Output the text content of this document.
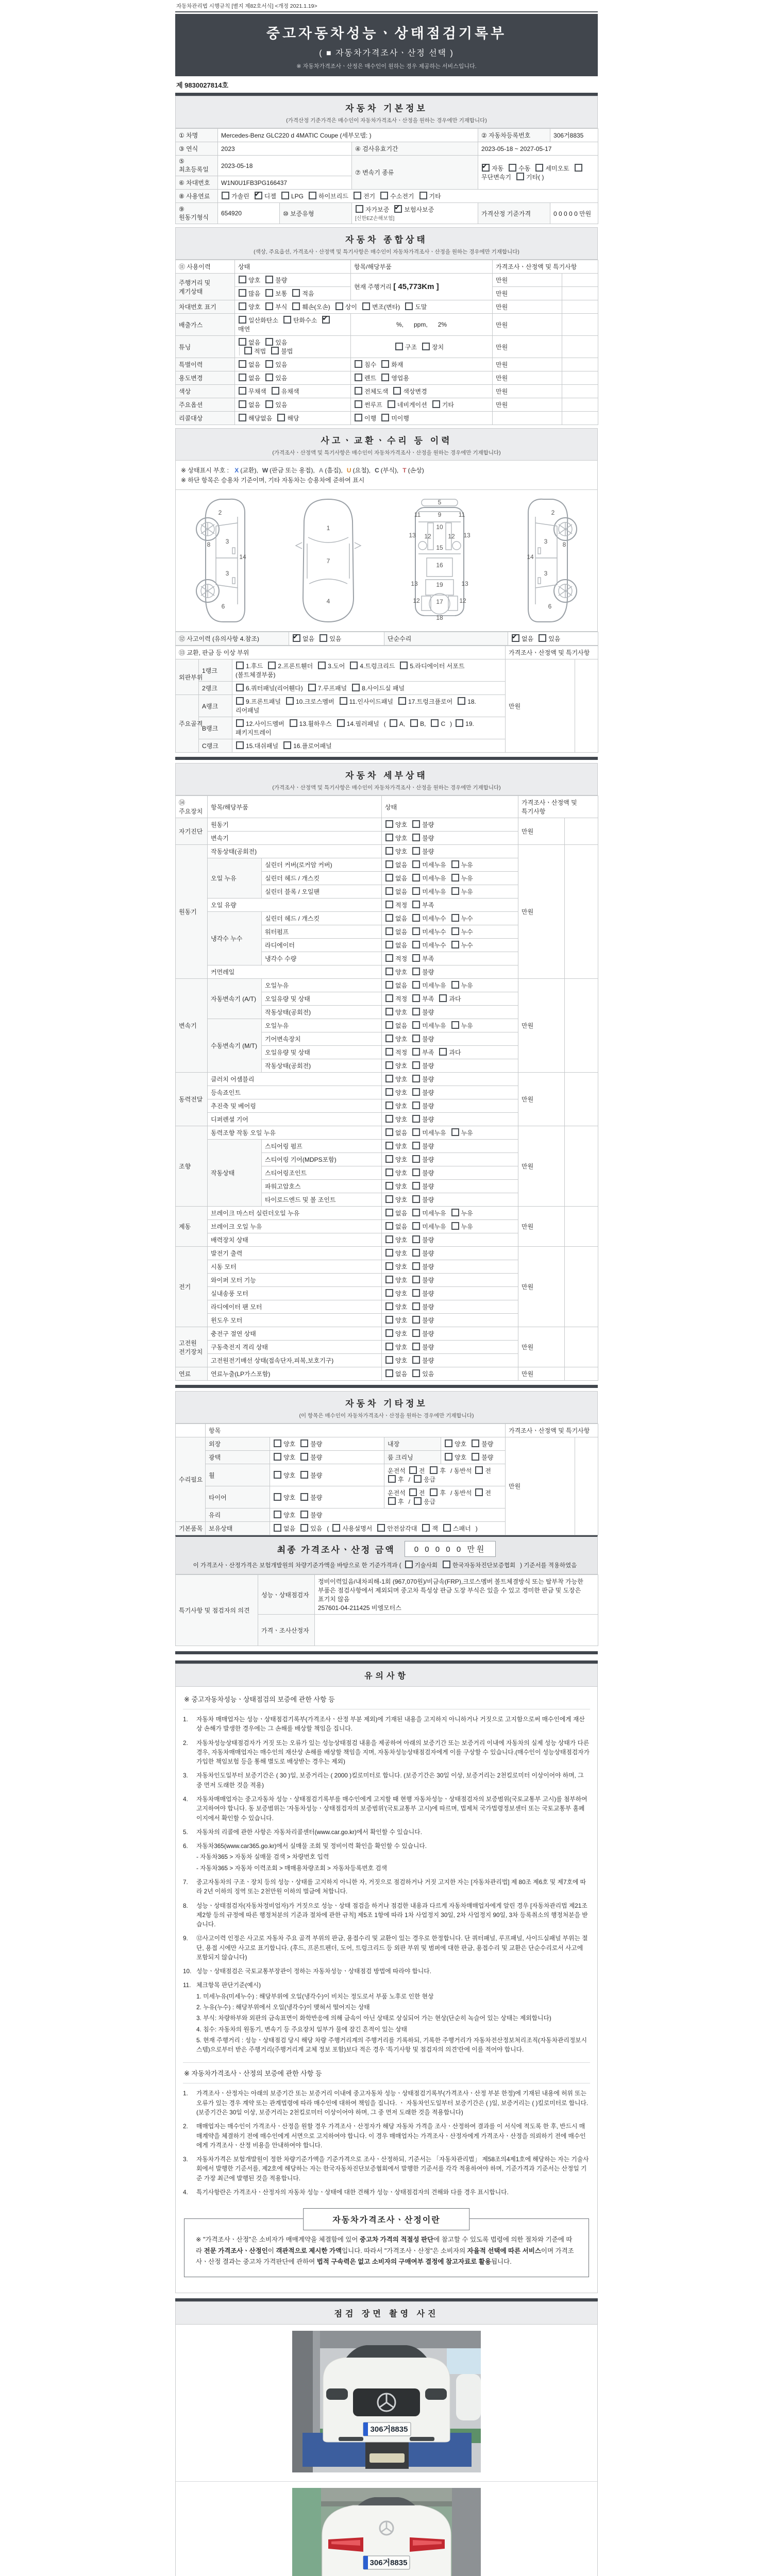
자동차관리법 시행규칙 [별지 제82호서식] <개정 2021.1.19>
중고자동차성능ㆍ상태점검기록부
( ■ 자동차가격조사ㆍ산정 선택 )
※ 자동차가격조사ㆍ산정은 매수인이 원하는 경우 제공하는 서비스입니다.
제 9830027814호
자동차 기본정보
(가격산정 기준가격은 매수인이 자동차가격조사ㆍ산정을 원하는 경우에만 기재합니다)
① 차명	Mercedes-Benz GLC220 d 4MATIC Coupe (세부모델: )			② 자동차등록번호	306거8835
③ 연식	2023		④ 검사유효기간	2023-05-18 ~ 2027-05-17	
⑤ 최초등록일	2023-05-18		⑦ 변속기 종류	✔자동 수동 세미오토무단변속기 기타( )
⑥ 차대번호	W1N0U1FB3PG166437				
⑧ 사용연료	가솔린 ✔ 디젤 LPG 하이브리드 전기 수소전기 기타
⑨ 원동기형식	654920	⑩ 보증유형	자가보증 ✔ 보험사보증 [신한EZ손해보험]	가격산정 기준가격	0 0 0 0 0 만원
자동차 종합상태
(색상, 주요옵션, 가격조사ㆍ산정액 및 특기사항은 매수인이 자동차가격조사ㆍ산정을 원하는 경우에만 기재합니다)
⑪ 사용이력	상태	항목/해당부품	가격조사ㆍ산정액 및 특기사항	
주행거리 및 계기상태	양호 불량	현재 주행거리 [ 45,773Km ]	만원	
	많음 보통 적음		만원	
차대번호 표기	양호 부식 훼손(오손) 상이 변조(변타) 도말		만원	
배출가스	일산화탄소 탄화수소✔매연	%, ppm, 2%	만원	
튜닝	없음 있음 적법 불법	구조 장치	만원	
특별이력	없음 있음	침수 화재	만원	
용도변경	없음 있음	렌트 영업용	만원	
색상	무채색 유채색	전체도색 색상변경	만원	
주요옵션	없음 있음	썬루프 네비게이션 기타	만원	
리콜대상	해당없음 해당	이행 미이행		
사고ㆍ교환ㆍ수리 등 이력
(가격조사ㆍ산정액 및 특기사항은 매수인이 자동차가격조사ㆍ산정을 원하는 경우에만 기재합니다)
※ 상태표시 부호 : X (교환), W (판금 또는 용접), A (흠집), U (요철), C (부식), T (손상)
※ 하단 항목은 승용차 기준이며, 기타 자동차는 승용차에 준하여 표시
2
8 3
14
3
6
1
7
4
11
5
11
9
13 12	12 13
10
15
16
19
13	13
12	12
17
18
2
8
3
14
3
6
⑫ 사고이력 (유의사항 4.참조)	✔없음 있음	단순수리	✔없음 있음
⑬ 교환, 판금 등 이상 부위			가격조사ㆍ산정액 및 특기사항	
외판부위	1랭크	1.후드 2.프론트휀더 3.도어 4.트렁크리드 5.라디에이터 서포트(볼트체결부품)	만원	
	2랭크	6.쿼터패널(리어휀다) 7.루프패널 8.사이드실 패널		
주요골격	A랭크	9.프론트패널 10.크로스멤버 11.인사이드패널 17.트렁크플로어 18.리어패널		
	B랭크	12.사이드멤버 13.휠하우스 14.필러패널 ( A, B, C ) 19.패키지트레이		
	C랭크	15.대쉬패널 16.플로어패널		
자동차 세부상태
(가격조사ㆍ산정액 및 특기사항은 매수인이 자동차가격조사ㆍ산정을 원하는 경우에만 기재합니다)
⑭ 주요장치	항목/해당부품		상태	가격조사ㆍ산정액 및 특기사항	
자기진단	원동기		양호 불량	만원	
	변속기		양호 불량		
원동기	작동상태(공회전)		양호 불량	만원	
	오일 누유	실린더 커버(로커암 커버)	없음 미세누유 누유		
		실린더 헤드 / 개스킷	없음 미세누유 누유		
		실린더 블록 / 오일팬	없음 미세누유 누유		
	오일 유량		적정 부족		
	냉각수 누수	실린더 헤드 / 개스킷	없음 미세누수 누수		
		워터펌프	없음 미세누수 누수		
		라디에이터	없음 미세누수 누수		
		냉각수 수량	적정 부족		
	커먼레일		양호 불량		
변속기	자동변속기 (A/T)	오일누유	없음 미세누유 누유	만원	
		오일유량 및 상태	적정 부족 과다		
		작동상태(공회전)	양호 불량		
	수동변속기 (M/T)	오일누유	없음 미세누유 누유		
		기어변속장치	양호 불량		
		오일유량 및 상태	적정 부족 과다		
		작동상태(공회전)	양호 불량		
동력전달	클러치 어셈블리		양호 불량	만원	
	등속죠인트		양호 불량		
	추진축 및 베어링		양호 불량		
	디퍼렌셜 기어		양호 불량		
조향	동력조향 작동 오일 누유		없음 미세누유 누유	만원	
	작동상태	스티어링 펌프	양호 불량		
		스티어링 기어(MDPS포함)	양호 불량		
		스티어링조인트	양호 불량		
		파워고압호스	양호 불량		
		타이로드엔드 및 볼 조인트	양호 불량		
제동	브레이크 마스터 실린더오일 누유		없음 미세누유 누유	만원	
	브레이크 오일 누유		없음 미세누유 누유		
	배력장치 상태		양호 불량		
전기	발전기 출력		양호 불량	만원	
	시동 모터		양호 불량		
	와이퍼 모터 기능		양호 불량		
	실내송풍 모터		양호 불량		
	라디에이터 팬 모터		양호 불량		
	윈도우 모터		양호 불량		
고전원 전기장치	충전구 절연 상태		양호 불량	만원	
	구동축전지 격리 상태		양호 불량		
	고전원전기배선 상태(접속단자,피복,보호기구)		양호 불량		
연료	연료누출(LP가스포함)		없음 있음	만원	
자동차 기타정보
(이 항목은 매수인이 자동차가격조사ㆍ산정을 원하는 경우에만 기재합니다)
	항목				가격조사ㆍ산정액 및 특기사항	
수리필요	외장	양호 불량	내장	양호 불량	만원	
	광택	양호 불량	룸 크리닝	양호 불량		
	휠	양호 불량	운전석 전 후 / 동반석 전후 / 응급			
	타이어	양호 불량	운전석 전 후 / 동반석 전후 / 응급			
	유리	양호 불량				
기본품목	보유상태	없음 있음 ( 사용설명서 안전삼각대 잭 스패너 )				
최종 가격조사ㆍ산정 금액	0 0 0 0 0 만원
이 가격조사ㆍ산정가격은 보험개발원의 차량기준가액을 바탕으로 한 기준가격과 ( 기술사회	한국자동차진단보증협회 ) 기준서를 적용하였음
특기사항 및 점검자의 의견	성능ㆍ상태점검자	정비이력있음/내차피해-1회 (967,070원)/비금속(FRP),크로스멤버 볼트체결방식 또는 탈부착 가능한 부품은 점검사항에서 제외되며 중고차 특성상 판금 도장 부식은 있을 수 있고 경미한 판금 및 도장은 표기치 않음
257601-04-211425 비엠모터스

	가격ㆍ조사산정자	
유의사항
※ 중고자동차성능ㆍ상태점검의 보증에 관한 사항 등
1.	자동차 매매업자는 성능ㆍ상태점검기록부(가격조사ㆍ산정 부분 제외)에 기재된 내용을 고지하지 아니하거나 거짓으로 고지함으로써 매수인에게 재산상 손해가 발생한 경우에는 그 손해를 배상할 책임을 집니다.
2.	자동차성능상태점검자가 거짓 또는 오류가 있는 성능상태점검 내용을 제공하여 아래의 보증기간 또는 보증거리 이내에 자동차의 실제 성능 상태가 다른 경우, 자동차매매업자는 매수인의 재산상 손해를 배상할 책임을 지며, 자동차성능상태점검자에게 이를 구상할 수 있습니다.(매수인이 성능상태점검자가 가입한 책임보험 등을 통해 별도로 배상받는 경우는 제외)
3.	자동차인도일부터 보증기간은 ( 30 )일, 보증거리는 ( 2000 )킬로미터로 합니다. (보증기간은 30일 이상, 보증거리는 2천킬로미터 이상이어야 하며, 그 중 먼저 도래한 것을 적용)
4.	자동차매매업자는 중고자동차 성능ㆍ상태점검기록부를 매수인에게 고지할 때 현행 자동차성능ㆍ상태점검자의 보증범위(국토교통부 고시)를 첨부하여 고지하여야 합니다. 동 보증범위는 '자동차성능ㆍ상태점검자의 보증범위'(국토교통부 고시)에 따르며, 법제처 국가법령정보센터 또는 국토교통부 홈페이지에서 확인할 수 있습니다.
5.	자동차의 리콜에 관한 사항은 자동차리콜센터(www.car.go.kr)에서 확인할 수 있습니다.
6.	자동차365(www.car365.go.kr)에서 실매물 조회 및 정비이력 확인을 확인할 수 있습니다.
- 자동차365 > 자동차 실매물 검색 > 차량번호 입력
- 자동차365 > 자동차 이력조회 > 매매용차량조회 > 자동차등록번호 검색
7.	중고자동차의 구조ㆍ장치 등의 성능ㆍ상태를 고지하지 아니한 자, 거짓으로 점검하거나 거짓 고지한 자는 [자동차관리법] 제 80조 제6호 및 제7호에 따라 2년 이하의 징역 또는 2천만원 이하의 벌금에 처합니다.
8.	성능ㆍ상태점검자(자동차정비업자)가 거짓으로 성능ㆍ상태 점검을 하거나 점검한 내용과 다르게 자동차매매업자에게 알린 경우 [자동차관리법 제21조 제2항 등의 규정에 따른 행정처분의 기준과 절차에 관한 규칙] 제5조 1항에 따라 1차 사업정지 30일, 2차 사업정지 90일, 3차 등록취소의 행정처분을 받습니다.
9.	⑫사고이력 인정은 사고로 자동차 주요 골격 부위의 판금, 용접수리 및 교환이 있는 경우로 한정합니다. 단 쿼터패널, 루프패널, 사이드실패널 부위는 절단, 용접 시에만 사고로 표기합니다. (후드, 프론트펜더, 도어, 트렁크리드 등 외판 부위 및 범퍼에 대한 판금, 용접수리 및 교환은 단순수리로서 사고에 포함되지 않습니다)
10. 성능ㆍ상태점검은 국토교통부장관이 정하는 자동차성능ㆍ상태점검 방법에 따라야 합니다.
11. 체크항목 판단기준(예시)
1. 미세누유(미세누수) : 해당부위에 오일(냉각수)이 비치는 정도로서 부품 노후로 인한 현상
2. 누유(누수) : 해당부위에서 오일(냉각수)이 맺혀서 떨어지는 상태
3. 부식: 차량하부와 외판의 금속표면이 화학반응에 의해 금속이 아닌 상태로 상실되어 가는 현상(단순히 녹슬어 있는 상태는 제외합니다)
4. 침수: 자동차의 원동기, 변속기 등 주요장치 일부가 물에 잠긴 흔적이 있는 상태
5. 현재 주행거리 : 성능ㆍ상태점검 당시 해당 차량 주행거리계의 주행거리를 기록하되, 기록한 주행거리가 자동차전산정보처리조직(자동차관리정보시스템)으로부터 받은 주행거리(주행거리계 교체 정보 포함)보다 적은 경우 '특기사항 및 점검자의 의견'란에 이를 적어야 합니다.
※ 자동차가격조사ㆍ산정의 보증에 관한 사항 등
1.	가격조사ㆍ산정자는 아래의 보증기간 또는 보증거리 이내에 중고자동차 성능ㆍ상태점검기록부(가격조사ㆍ산정 부분 한정)에 기재된 내용에 허위 또는 오류가 있는 경우 계약 또는 관계법령에 따라 매수인에 대하여 책임을 집니다. ㆍ 자동차인도일부터 보증기간은 ( )일, 보증거리는 ( )킬로미터로 합니다. (보증기간은 30일 이상, 보증거리는 2천킬로미터 이상이어야 하며, 그 중 먼저 도래한 것을 적용합니다)
2.	매매업자는 매수인이 가격조사ㆍ산정을 원할 경우 가격조사ㆍ산정자가 해당 자동차 가격을 조사ㆍ산정하여 결과를 이 서식에 적도록 한 후, 반드시 매매계약을 체결하기 전에 매수인에게 서면으로 고지하여야 합니다. 이 경우 매매업자는 가격조사ㆍ산정자에게 가격조사ㆍ산정을 의뢰하기 전에 매수인에게 가격조사ㆍ산정 비용을 안내하여야 합니다.
3.	자동차가격은 보험개발원이 정한 차량기준가액을 기준가격으로 조사ㆍ산정하되, 기준서는 「자동차관리법」 제58조의4제1호에 해당하는 자는 기술사회에서 발행한 기준서를, 제2호에 해당하는 자는 한국자동차진단보증협회에서 발행한 기준서를 각각 적용하여야 하며, 기준가격과 기준서는 산정일 기준 가장 최근에 발행된 것을 적용합니다.
4.	특기사항란은 가격조사ㆍ산정자의 자동차 성능ㆍ상태에 대한 견해가 성능ㆍ상태점검자의 견해와 다를 경우 표시합니다.
자동차가격조사ㆍ산정이란
※ "가격조사ㆍ산정"은 소비자가 매매계약을 체결함에 있어 중고차 가격의 적절성 판단에 참고할 수 있도록 법령에 의한 절차와 기준에 따라 전문 가격조사ㆍ산정인이 객관적으로 제시한 가액입니다. 따라서 "가격조사ㆍ산정"은 소비자의 자율적 선택에 따른 서비스이며 가격조사ㆍ산정 결과는 중고차 가격판단에 관하여 법적 구속력은 없고 소비자의 구매여부 결정에 참고자료로 활용됩니다.
점검 장면 촬영 사진
306거8835
306거8835
